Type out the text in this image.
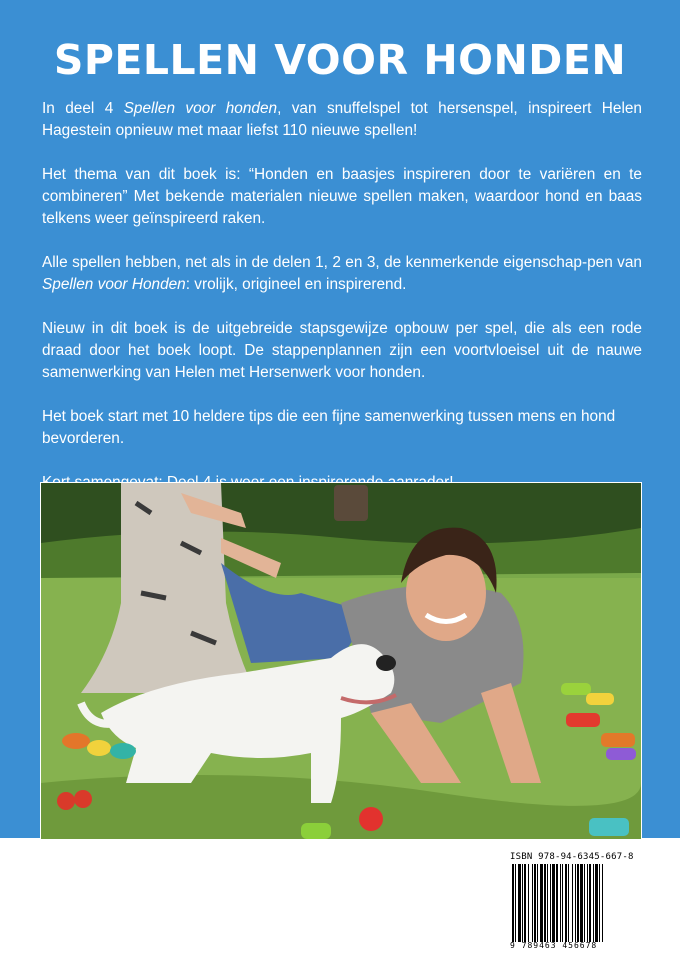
SPELLEN VOOR HONDEN

In deel 4 Spellen voor honden, van snuffelspel tot hersenspel, inspireert Helen Hagestein opnieuw met maar liefst 110 nieuwe spellen!

Het thema van dit boek is: “Honden en baasjes inspireren door te variëren en te combineren” Met bekende materialen nieuwe spellen maken, waardoor hond en baas telkens weer geïnspireerd raken.

Alle spellen hebben, net als in de delen 1, 2 en 3, de kenmerkende eigenschap-pen van Spellen voor Honden: vrolijk, origineel en inspirerend.

Nieuw in dit boek is de uitgebreide stapsgewijze opbouw per spel, die als een rode draad door het boek loopt. De stappenplannen zijn een voortvloeisel uit de nauwe samenwerking van Helen met Hersenwerk voor honden.

Het boek start met 10 heldere tips die een fijne samenwerking tussen mens en hond bevorderen.

ISBN 978-94-6345-667-8
9 789463 456678
